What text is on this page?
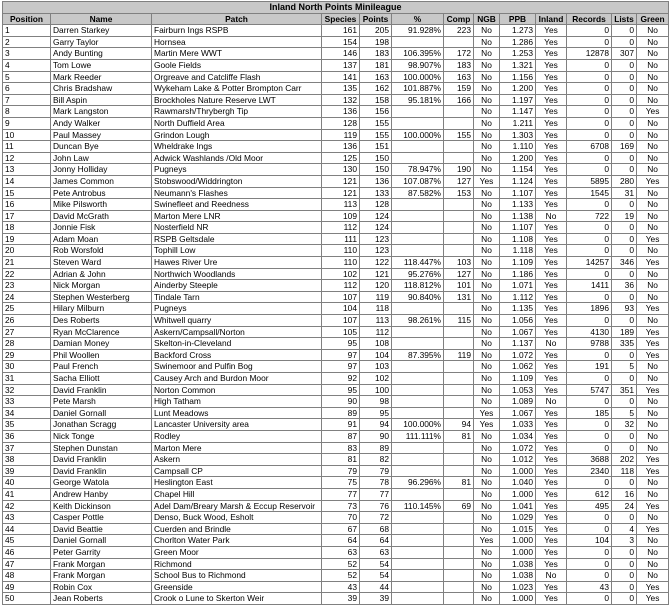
Inland North Points Minileague												
Position	Name	Patch	Species	Points	%	Comp	NGB	PPB	Inland	Records	Lists	Green
1	Darren Starkey	Fairburn Ings RSPB	161	205	91.928%	223	No	1.273	Yes	0	0	No
2	Garry Taylor	Hornsea	154	198			No	1.286	Yes	0	0	No
3	Andy Bunting	Martin Mere WWT	146	183	106.395%	172	No	1.253	Yes	12878	307	No
4	Tom Lowe	Goole Fields	137	181	98.907%	183	No	1.321	Yes	0	0	No
5	Mark Reeder	Orgreave and Catcliffe Flash	141	163	100.000%	163	No	1.156	Yes	0	0	No
6	Chris Bradshaw	Wykeham Lake & Potter Brompton Carr	135	162	101.887%	159	No	1.200	Yes	0	0	No
7	Bill Aspin	Brockholes Nature Reserve LWT	132	158	95.181%	166	No	1.197	Yes	0	0	No
8	Mark Langston	Rawmarsh/Thrybergh Tip	136	156			No	1.147	Yes	0	0	Yes
9	Andy Walker	North Duffield Area	128	155			No	1.211	Yes	0	0	No
10	Paul Massey	Grindon Lough	119	155	100.000%	155	No	1.303	Yes	0	0	No
11	Duncan Bye	Wheldrake Ings	136	151			No	1.110	Yes	6708	169	No
12	John Law	Adwick Washlands /Old Moor	125	150			No	1.200	Yes	0	0	No
13	Jonny Holliday	Pugneys	130	150	78.947%	190	No	1.154	Yes	0	0	No
14	James Common	Stobswood/Widdrington	121	136	107.087%	127	Yes	1.124	Yes	5895	280	Yes
15	Pete Antrobus	Neumann's Flashes	121	133	87.582%	153	No	1.107	Yes	1545	31	No
16	Mike Pilsworth	Swinefleet and Reedness	113	128			No	1.133	Yes	0	0	No
17	David McGrath	Marton Mere LNR	109	124			No	1.138	No	722	19	No
18	Jonnie Fisk	Nosterfield NR	112	124			No	1.107	Yes	0	0	No
19	Adam Moan	RSPB Geltsdale	111	123			No	1.108	Yes	0	0	Yes
20	Rob Worsfold	Tophill Low	110	123			No	1.118	Yes	0	0	No
21	Steven Ward	Hawes River Ure	110	122	118.447%	103	No	1.109	Yes	14257	346	Yes
22	Adrian & John	Northwich Woodlands	102	121	95.276%	127	No	1.186	Yes	0	0	No
23	Nick Morgan	Ainderby Steeple	112	120	118.812%	101	No	1.071	Yes	1411	36	No
24	Stephen Westerberg	Tindale Tarn	107	119	90.840%	131	No	1.112	Yes	0	0	No
25	Hilary Milburn	Pugneys	104	118			No	1.135	Yes	1896	93	Yes
26	Des Roberts	Whitwell quarry	107	113	98.261%	115	No	1.056	Yes	0	0	No
27	Ryan McClarence	Askern/Campsall/Norton	105	112			No	1.067	Yes	4130	189	Yes
28	Damian Money	Skelton-in-Cleveland	95	108			No	1.137	No	9788	335	Yes
29	Phil Woollen	Backford Cross	97	104	87.395%	119	No	1.072	Yes	0	0	Yes
30	Paul French	Swinemoor and Pulfin Bog	97	103			No	1.062	Yes	191	5	No
31	Sacha Elliott	Causey Arch and Burdon Moor	92	102			No	1.109	Yes	0	0	No
32	David Franklin	Norton Common	95	100			No	1.053	Yes	5747	351	Yes
33	Pete Marsh	High Tatham	90	98			No	1.089	No	0	0	No
34	Daniel Gornall	Lunt Meadows	89	95			Yes	1.067	Yes	185	5	No
35	Jonathan Scragg	Lancaster University area	91	94	100.000%	94	Yes	1.033	Yes	0	32	No
36	Nick Tonge	Rodley	87	90	111.111%	81	No	1.034	Yes	0	0	No
37	Stephen Dunstan	Marton Mere	83	89			No	1.072	Yes	0	0	No
38	David Franklin	Askern	81	82			No	1.012	Yes	3688	202	Yes
39	David Franklin	Campsall CP	79	79			No	1.000	Yes	2340	118	Yes
40	George Watola	Heslington East	75	78	96.296%	81	No	1.040	Yes	0	0	No
41	Andrew Hanby	Chapel Hill	77	77			No	1.000	Yes	612	16	No
42	Keith Dickinson	Adel Dam/Breary Marsh & Eccup Reservoir	73	76	110.145%	69	No	1.041	Yes	495	24	Yes
43	Casper Pottle	Denso, Buck Wood, Esholt	70	72			No	1.029	Yes	0	0	No
44	David Beattie	Cuerden and Brindle	67	68			No	1.015	Yes	0	4	Yes
45	Daniel Gornall	Chorlton Water Park	64	64			Yes	1.000	Yes	104	3	No
46	Peter Garrity	Green Moor	63	63			No	1.000	Yes	0	0	No
47	Frank Morgan	Richmond	52	54			No	1.038	Yes	0	0	No
48	Frank Morgan	School Bus to Richmond	52	54			No	1.038	No	0	0	No
49	Robin Cox	Greenside	43	44			No	1.023	Yes	43	0	Yes
50	Jean Roberts	Crook o Lune to Skerton Weir	39	39			No	1.000	Yes	0	0	Yes
